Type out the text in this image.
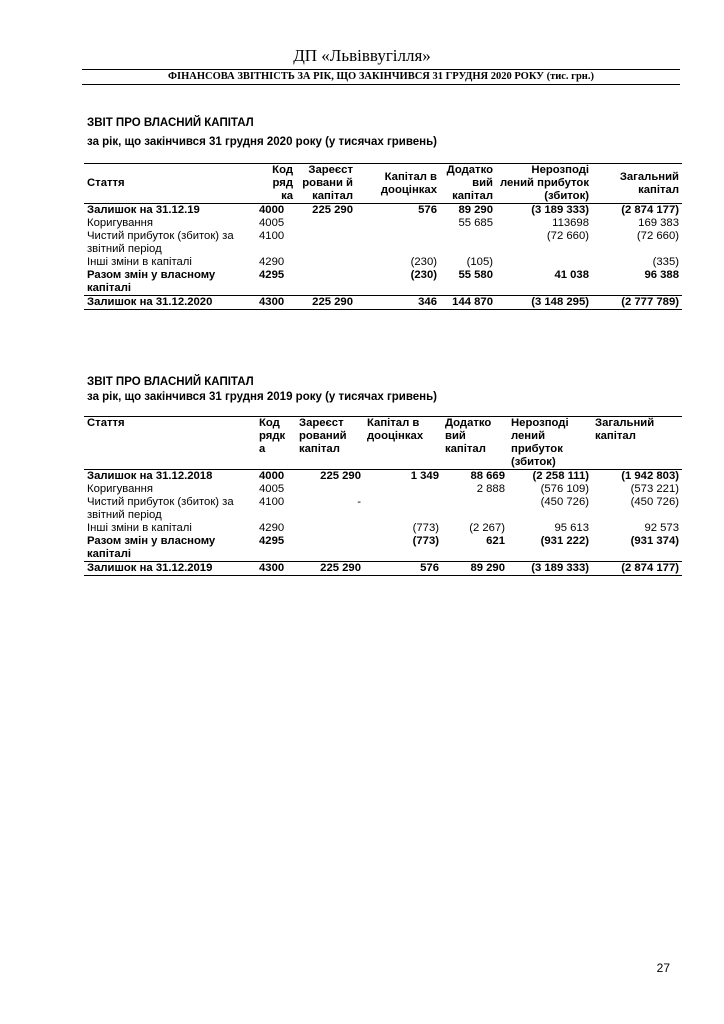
ДП «Львіввугілля»
ФІНАНСОВА ЗВІТНІСТЬ ЗА РІК, ЩО ЗАКІНЧИВСЯ 31 ГРУДНЯ 2020 РОКУ (тис. грн.)
ЗВІТ ПРО ВЛАСНИЙ КАПІТАЛ
за рік, що закінчився 31 грудня 2020 року (у тисячах гривень)
Стаття	Код ряд ка	Зареєст ровани й капітал	Капітал в дооцінках	Додатко вий капітал	Нерозподі лений прибуток (збиток)	Загальний капітал
Залишок на 31.12.19	4000	225 290	576	89 290	(3 189 333)	(2 874 177)
Коригування	4005			55 685	113698	169 383
Чистий прибуток (збиток) за звітний період	4100				(72 660)	(72 660)
Інші зміни в капіталі	4290		(230)	(105)		(335)
Разом змін у власному капіталі	4295		(230)	55 580	41 038	96 388
Залишок на 31.12.2020	4300	225 290	346	144 870	(3 148 295)	(2 777 789)
ЗВІТ ПРО ВЛАСНИЙ КАПІТАЛ
за рік, що закінчився 31 грудня 2019 року (у тисячах гривень)
Стаття	Код рядк а	Зареєст рований капітал	Капітал в дооцінках	Додатко вий капітал	Нерозподі лений прибуток (збиток)	Загальний капітал
Залишок на 31.12.2018	4000	225 290	1 349	88 669	(2 258 111)	(1 942 803)
Коригування	4005			2 888	(576 109)	(573 221)
Чистий прибуток (збиток) за звітний період	4100	-			(450 726)	(450 726)
Інші зміни в капіталі	4290		(773)	(2 267)	95 613	92 573
Разом змін у власному капіталі	4295		(773)	621	(931 222)	(931 374)
Залишок на 31.12.2019	4300	225 290	576	89 290	(3 189 333)	(2 874 177)
27
